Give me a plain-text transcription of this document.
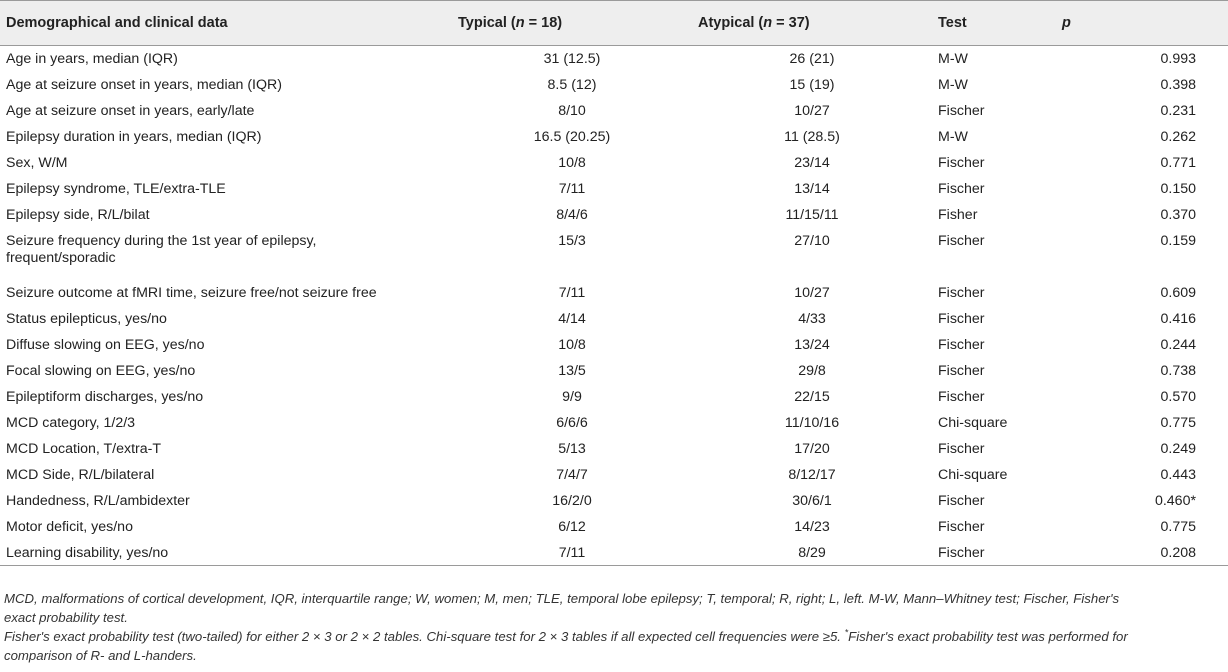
Demographical and clinical data	Typical (n = 18)	Atypical (n = 37)	Test	p
Age in years, median (IQR)	31 (12.5)	26 (21)	M-W	0.993
Age at seizure onset in years, median (IQR)	8.5 (12)	15 (19)	M-W	0.398
Age at seizure onset in years, early/late	8/10	10/27	Fischer	0.231
Epilepsy duration in years, median (IQR)	16.5 (20.25)	11 (28.5)	M-W	0.262
Sex, W/M	10/8	23/14	Fischer	0.771
Epilepsy syndrome, TLE/extra-TLE	7/11	13/14	Fischer	0.150
Epilepsy side, R/L/bilat	8/4/6	11/15/11	Fisher	0.370
Seizure frequency during the 1st year of epilepsy,
frequent/sporadic	15/3	27/10	Fischer	0.159
Seizure outcome at fMRI time, seizure free/not seizure free	7/11	10/27	Fischer	0.609
Status epilepticus, yes/no	4/14	4/33	Fischer	0.416
Diffuse slowing on EEG, yes/no	10/8	13/24	Fischer	0.244
Focal slowing on EEG, yes/no	13/5	29/8	Fischer	0.738
Epileptiform discharges, yes/no	9/9	22/15	Fischer	0.570
MCD category, 1/2/3	6/6/6	11/10/16	Chi-square	0.775
MCD Location, T/extra-T	5/13	17/20	Fischer	0.249
MCD Side, R/L/bilateral	7/4/7	8/12/17	Chi-square	0.443
Handedness, R/L/ambidexter	16/2/0	30/6/1	Fischer	0.460*
Motor deficit, yes/no	6/12	14/23	Fischer	0.775
Learning disability, yes/no	7/11	8/29	Fischer	0.208

MCD, malformations of cortical development, IQR, interquartile range; W, women; M, men; TLE, temporal lobe epilepsy; T, temporal; R, right; L, left. M-W, Mann–Whitney test; Fischer, Fisher's exact probability test.

Fisher's exact probability test (two-tailed) for either 2 × 3 or 2 × 2 tables. Chi-square test for 2 × 3 tables if all expected cell frequencies were ≥5. *Fisher's exact probability test was performed for comparison of R- and L-handers.
